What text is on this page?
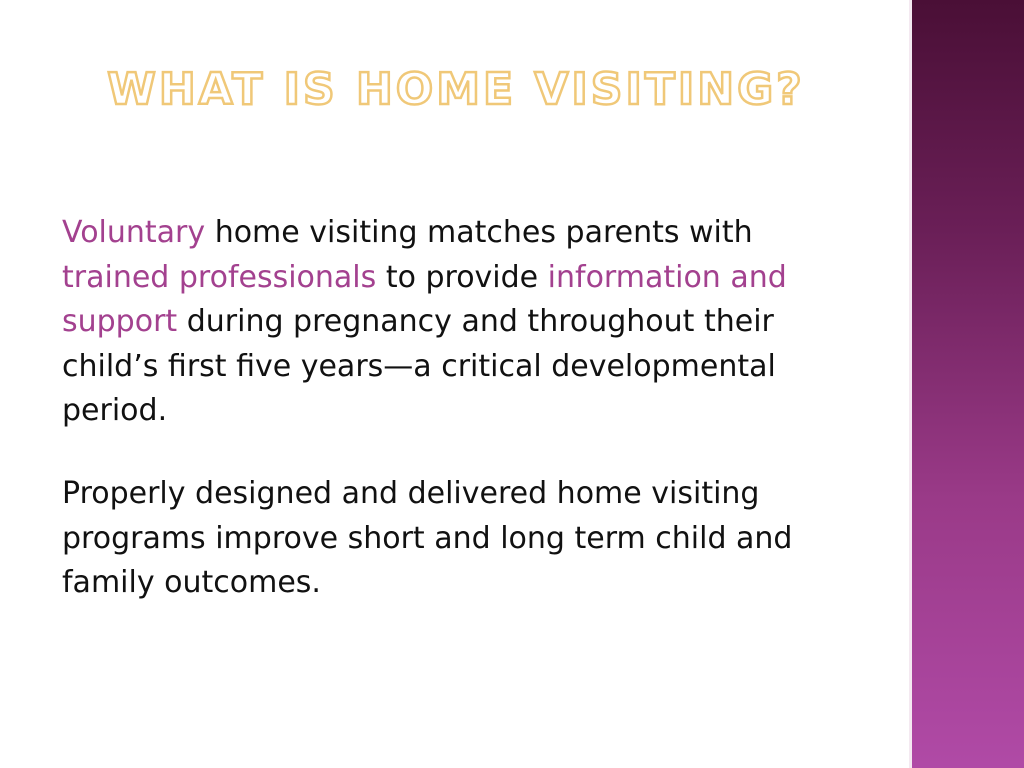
WHAT IS HOME VISITING?

Voluntary home visiting matches parents with trained professionals to provide information and support during pregnancy and throughout their child’s first five years—a critical developmental period.

Properly designed and delivered home visiting programs improve short and long term child and family outcomes.
